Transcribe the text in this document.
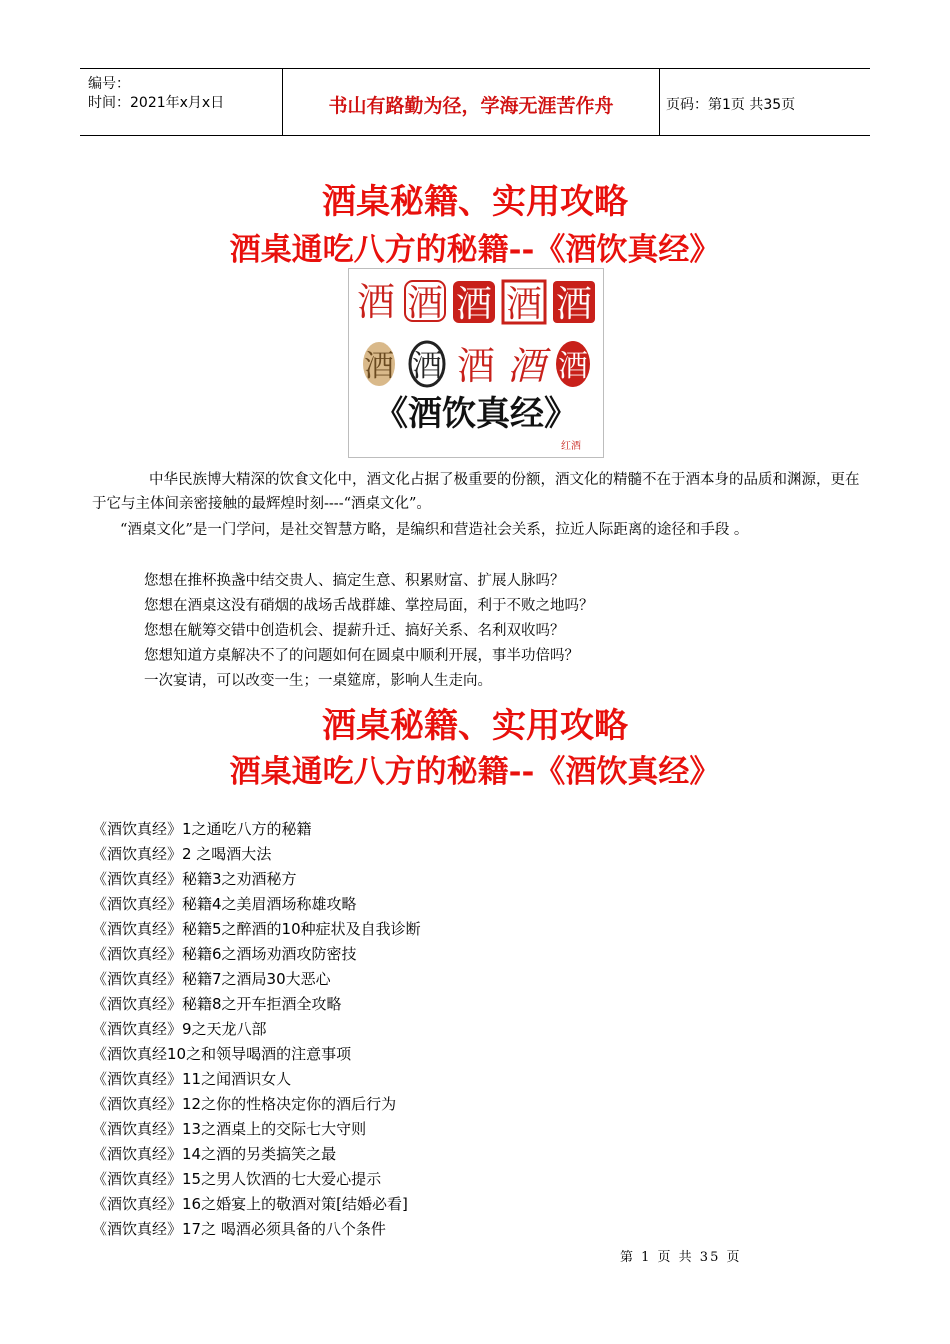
编号：
时间：2021年x月x日	书山有路勤为径，学海无涯苦作舟	页码：第1页 共35页
酒桌秘籍、实用攻略
酒桌通吃八方的秘籍--《酒饮真经》
酒 酒 酒 酒 酒
酒 酒 酒 酒 酒
《酒饮真经》
红酒
中华民族博大精深的饮食文化中，酒文化占据了极重要的份额，酒文化的精髓不在于酒本身的品质和渊源，更在于它与主体间亲密接触的最辉煌时刻----“酒桌文化”。
“酒桌文化”是一门学问，是社交智慧方略，是编织和营造社会关系，拉近人际距离的途径和手段 。
您想在推杯换盏中结交贵人、搞定生意、积累财富、扩展人脉吗？
您想在酒桌这没有硝烟的战场舌战群雄、掌控局面，利于不败之地吗？
您想在觥筹交错中创造机会、提薪升迁、搞好关系、名利双收吗？
您想知道方桌解决不了的问题如何在圆桌中顺利开展，事半功倍吗？
一次宴请，可以改变一生；一桌筵席，影响人生走向。
酒桌秘籍、实用攻略
酒桌通吃八方的秘籍--《酒饮真经》
《酒饮真经》1之通吃八方的秘籍
《酒饮真经》2 之喝酒大法
《酒饮真经》秘籍3之劝酒秘方
《酒饮真经》秘籍4之美眉酒场称雄攻略
《酒饮真经》秘籍5之醉酒的10种症状及自我诊断
《酒饮真经》秘籍6之酒场劝酒攻防密技
《酒饮真经》秘籍7之酒局30大恶心
《酒饮真经》秘籍8之开车拒酒全攻略
《酒饮真经》9之天龙八部
《酒饮真经10之和领导喝酒的注意事项
《酒饮真经》11之闻酒识女人
《酒饮真经》12之你的性格决定你的酒后行为
《酒饮真经》13之酒桌上的交际七大守则
《酒饮真经》14之酒的另类搞笑之最
《酒饮真经》15之男人饮酒的七大爱心提示
《酒饮真经》16之婚宴上的敬酒对策[结婚必看]
《酒饮真经》17之 喝酒必须具备的八个条件
第 1 页 共 35 页
